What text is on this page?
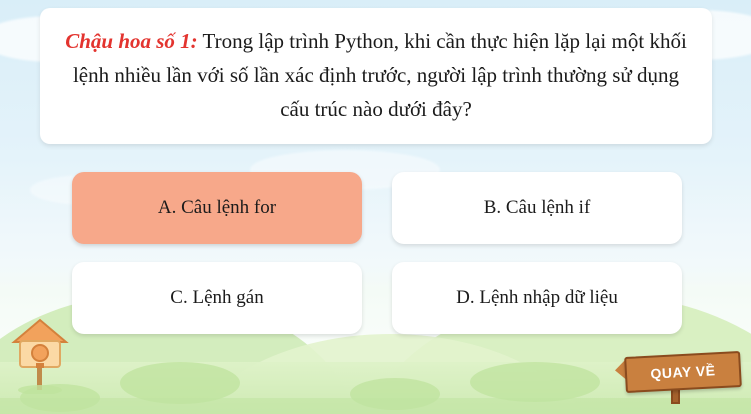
Chậu hoa số 1: Trong lập trình Python, khi cần thực hiện lặp lại một khối lệnh nhiều lần với số lần xác định trước, người lập trình thường sử dụng cấu trúc nào dưới đây?
A. Câu lệnh for	B. Câu lệnh if
C. Lệnh gán	D. Lệnh nhập dữ liệu
QUAY VỀ
